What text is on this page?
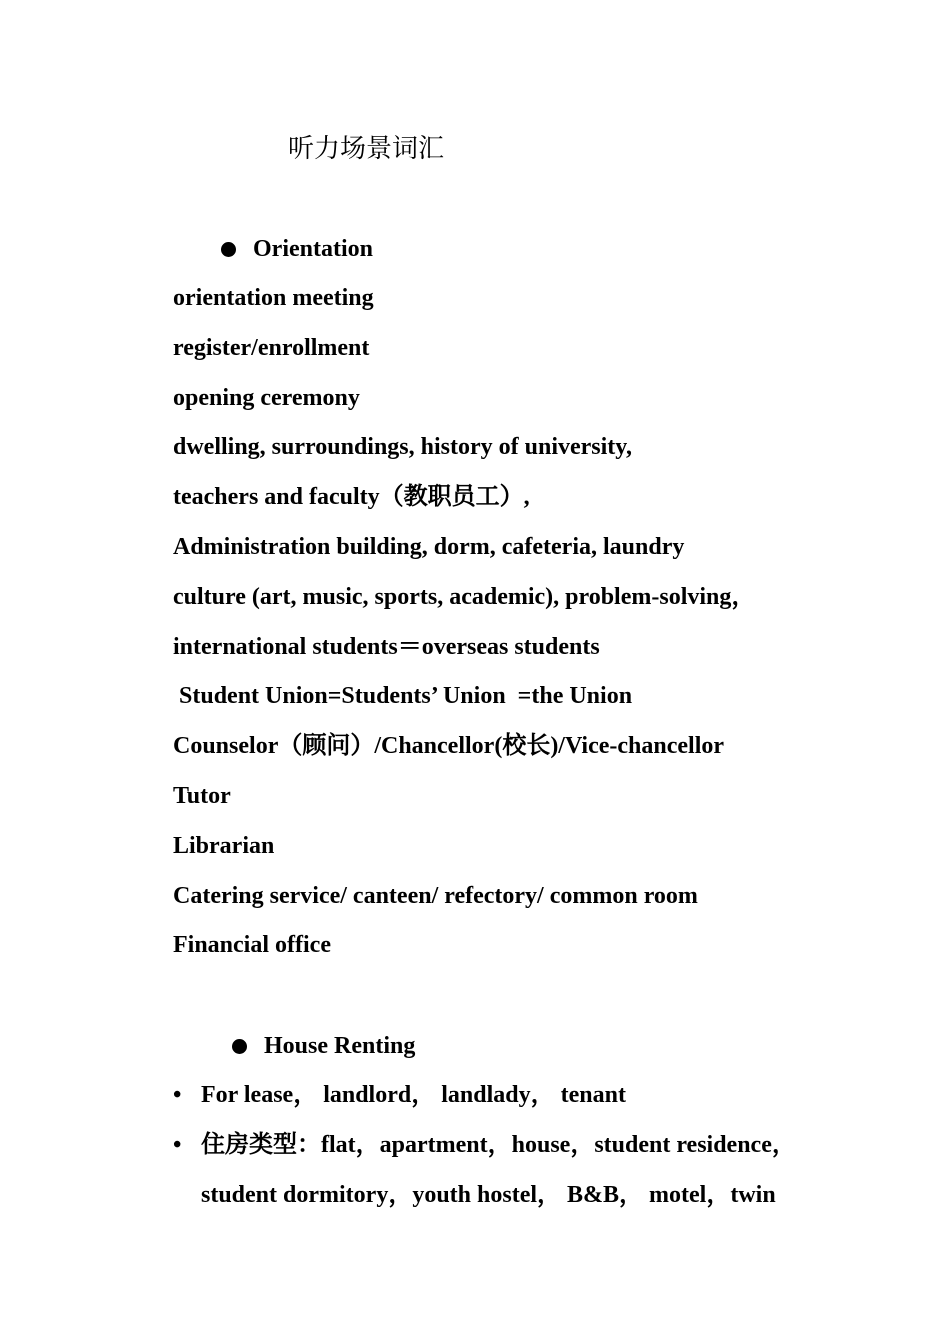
听力场景词汇
Orientation
orientation meeting
register/enrollment
opening ceremony
dwelling, surroundings, history of university,
teachers and faculty（教职员工）,
Administration building, dorm, cafeteria, laundry
culture (art, music, sports, academic), problem-solving，
international students＝overseas students
Student Union=Students’ Union  =the Union
Counselor（顾问）/Chancellor(校长)/Vice-chancellor
Tutor
Librarian
Catering service/ canteen/ refectory/ common room
Financial office
House Renting
• For lease， landlord， landlady， tenant
• 住房类型：flat，apartment，house，student residence，
student dormitory，youth hostel， B&B， motel，twin
